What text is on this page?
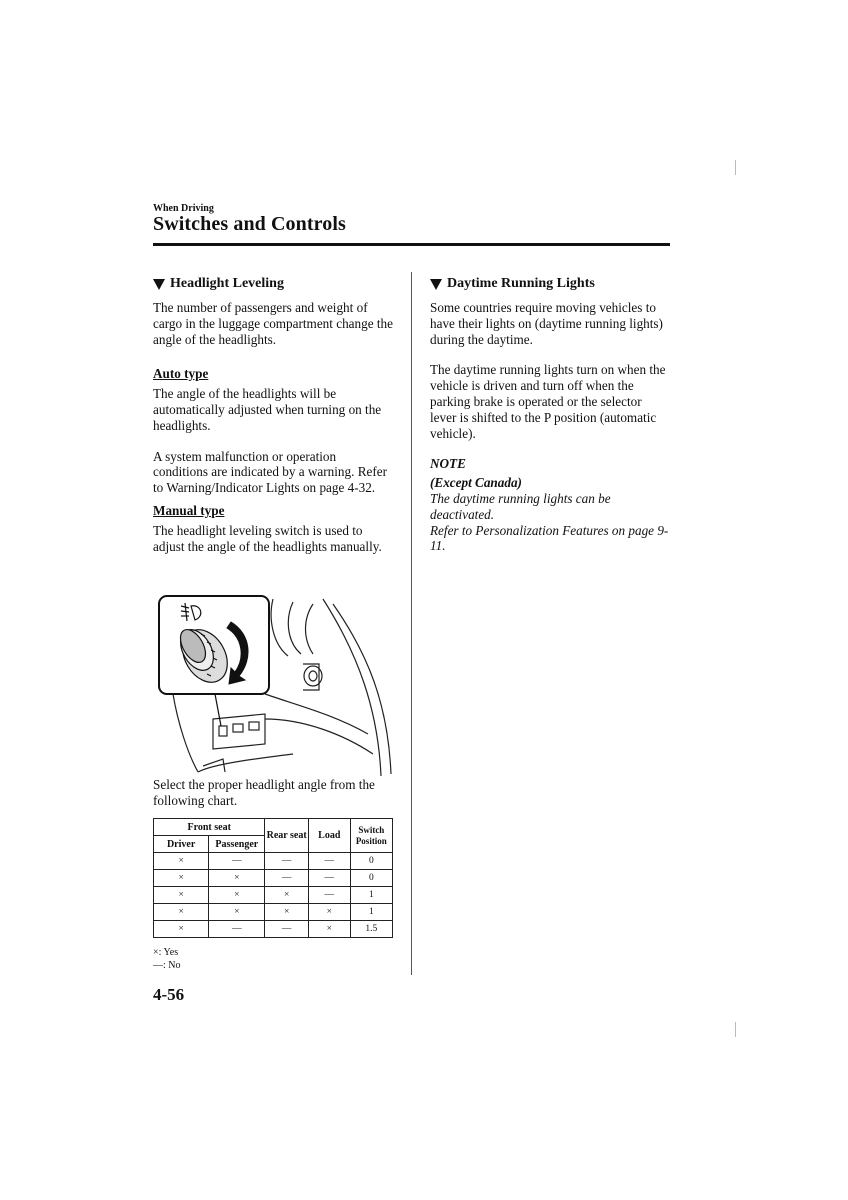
When Driving
Switches and Controls
Headlight Leveling

The number of passengers and weight of cargo in the luggage compartment change the angle of the headlights.

Auto type

The angle of the headlights will be automatically adjusted when turning on the headlights.

A system malfunction or operation conditions are indicated by a warning. Refer to Warning/Indicator Lights on page 4-32.

Manual type

The headlight leveling switch is used to adjust the angle of the headlights manually.

Select the proper headlight angle from the following chart.

Front seat		Rear seat	Load	Switch Position
Driver	Passenger			
×	—	—	—	0
×	×	—	—	0
×	×	×	—	1
×	×	×	×	1
×	—	—	×	1.5
×: Yes
—: No
Daytime Running Lights

Some countries require moving vehicles to have their lights on (daytime running lights) during the daytime.

The daytime running lights turn on when the vehicle is driven and turn off when the parking brake is operated or the selector lever is shifted to the P position (automatic vehicle).

NOTE

(Except Canada)

The daytime running lights can be deactivated.

Refer to Personalization Features on page 9-11.

4-56
